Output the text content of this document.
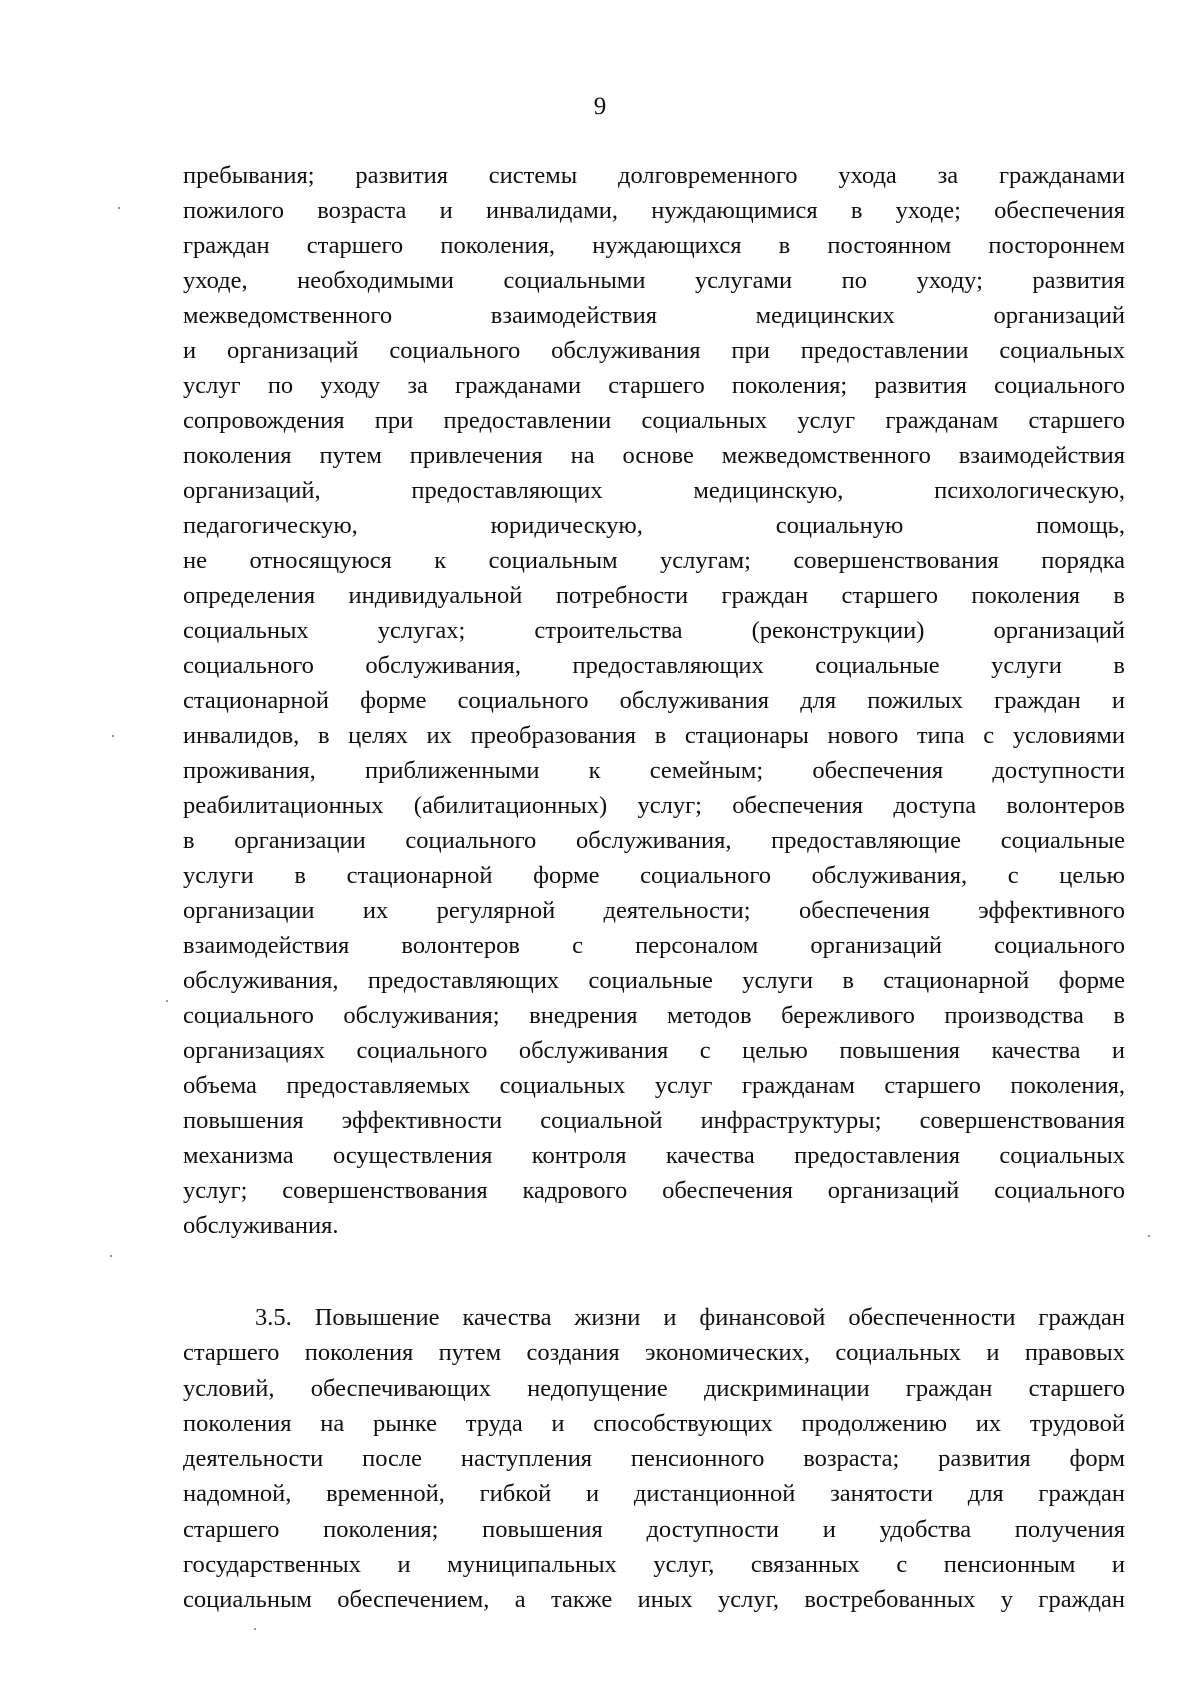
9
пребывания; развития системы долговременного ухода за гражданами
пожилого возраста и инвалидами, нуждающимися в уходе; обеспечения
граждан старшего поколения, нуждающихся в постоянном постороннем
уходе, необходимыми социальными услугами по уходу; развития
межведомственного взаимодействия медицинских организаций
и организаций социального обслуживания при предоставлении социальных
услуг по уходу за гражданами старшего поколения; развития социального
сопровождения при предоставлении социальных услуг гражданам старшего
поколения путем привлечения на основе межведомственного взаимодействия
организаций, предоставляющих медицинскую, психологическую,
педагогическую, юридическую, социальную помощь,
не относящуюся к социальным услугам; совершенствования порядка
определения индивидуальной потребности граждан старшего поколения в
социальных услугах; строительства (реконструкции) организаций
социального обслуживания, предоставляющих социальные услуги в
стационарной форме социального обслуживания для пожилых граждан и
инвалидов, в целях их преобразования в стационары нового типа с условиями
проживания, приближенными к семейным; обеспечения доступности
реабилитационных (абилитационных) услуг; обеспечения доступа волонтеров
в организации социального обслуживания, предоставляющие социальные
услуги в стационарной форме социального обслуживания, с целью
организации их регулярной деятельности; обеспечения эффективного
взаимодействия волонтеров с персоналом организаций социального
обслуживания, предоставляющих социальные услуги в стационарной форме
социального обслуживания; внедрения методов бережливого производства в
организациях социального обслуживания с целью повышения качества и
объема предоставляемых социальных услуг гражданам старшего поколения,
повышения эффективности социальной инфраструктуры; совершенствования
механизма осуществления контроля качества предоставления социальных
услуг; совершенствования кадрового обеспечения организаций социального
обслуживания.
3.5. Повышение качества жизни и финансовой обеспеченности граждан
старшего поколения путем создания экономических, социальных и правовых
условий, обеспечивающих недопущение дискриминации граждан старшего
поколения на рынке труда и способствующих продолжению их трудовой
деятельности после наступления пенсионного возраста; развития форм
надомной, временной, гибкой и дистанционной занятости для граждан
старшего поколения; повышения доступности и удобства получения
государственных и муниципальных услуг, связанных с пенсионным и
социальным обеспечением, а также иных услуг, востребованных у граждан
